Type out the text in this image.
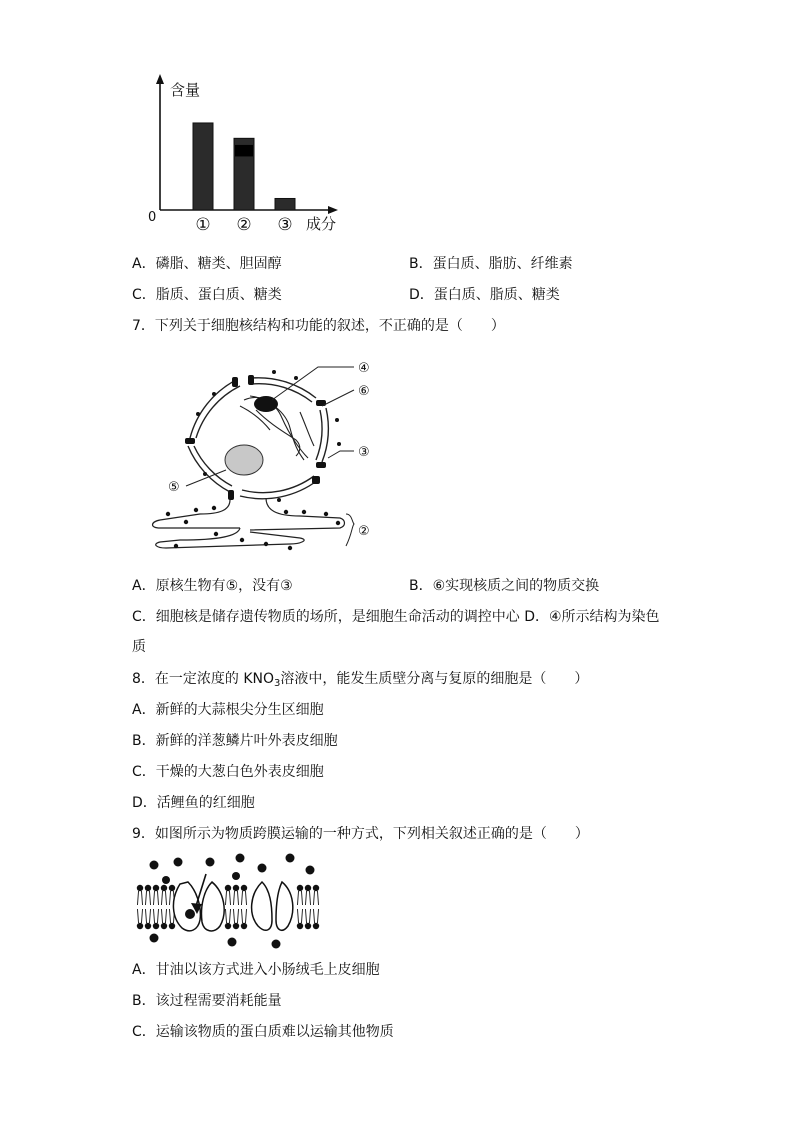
含量
成分
0 ① ② ③
A．磷脂、糖类、胆固醇	B．蛋白质、脂肪、纤维素
C．脂质、蛋白质、糖类	D．蛋白质、脂质、糖类
7．下列关于细胞核结构和功能的叙述，不正确的是（　　）
④
⑥
③
⑤
②
A．原核生物有⑤，没有③	B．⑥实现核质之间的物质交换
C．细胞核是储存遗传物质的场所，是细胞生命活动的调控中心 D．④所示结构为染色
质
8．在一定浓度的 $KNO_3$溶液中，能发生质壁分离与复原的细胞是（　　）
A．新鲜的大蒜根尖分生区细胞
B．新鲜的洋葱鳞片叶外表皮细胞
C．干燥的大葱白色外表皮细胞
D．活鲤鱼的红细胞
9．如图所示为物质跨膜运输的一种方式，下列相关叙述正确的是（　　）
A．甘油以该方式进入小肠绒毛上皮细胞
B．该过程需要消耗能量
C．运输该物质的蛋白质难以运输其他物质
